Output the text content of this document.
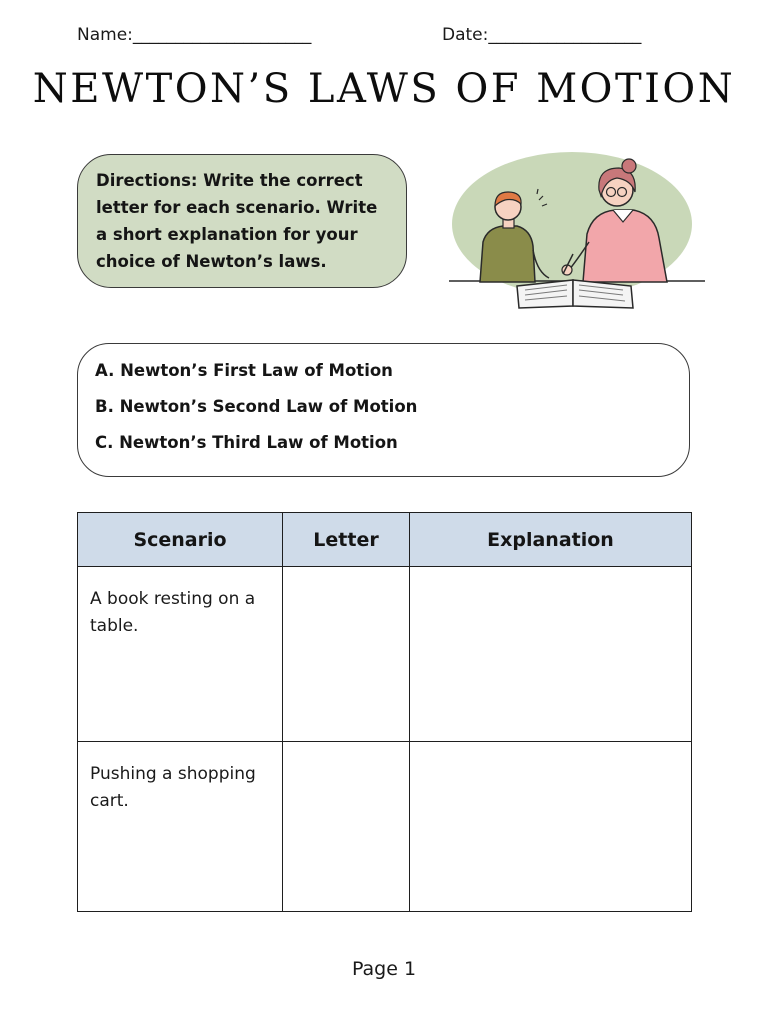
Name:_____________________	Date:__________________
NEWTON’S LAWS OF MOTION
Directions: Write the correct
letter for each scenario. Write
a short explanation for your
choice of Newton’s laws.
A. Newton’s First Law of Motion
B. Newton’s Second Law of Motion
C. Newton’s Third Law of Motion
Scenario	Letter	Explanation

A book resting on a
table.		

Pushing a shopping
cart.		

Page 1
